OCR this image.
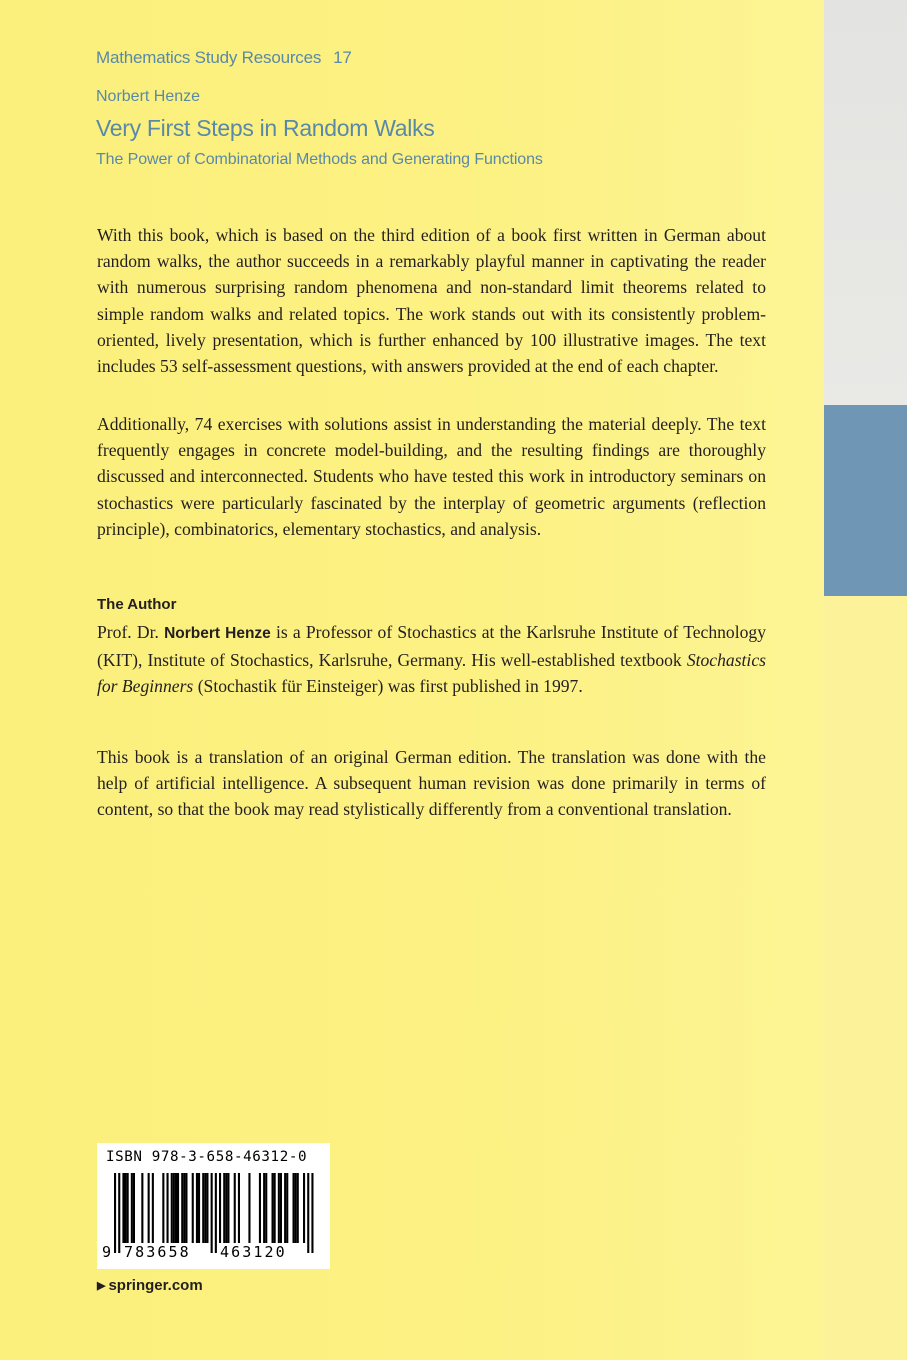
Mathematics Study Resources 17
Norbert Henze
Very First Steps in Random Walks
The Power of Combinatorial Methods and Generating Functions

With this book, which is based on the third edition of a book first written in German about random walks, the author succeeds in a remarkably playful manner in captivating the reader with numerous surprising random phenomena and non-standard limit theorems related to simple random walks and related topics. The work stands out with its consistently problem-oriented, lively presentation, which is further enhanced by 100 illustrative images. The text includes 53 self-assessment questions, with answers provided at the end of each chapter.

Additionally, 74 exercises with solutions assist in understanding the material deeply. The text frequently engages in concrete model-building, and the resulting findings are thoroughly discussed and interconnected. Students who have tested this work in introductory seminars on stochastics were particularly fascinated by the interplay of geometric arguments (reflection principle), combinatorics, elementary stochastics, and analysis.

The Author

Prof. Dr. Norbert Henze is a Professor of Stochastics at the Karlsruhe Institute of Technology (KIT), Institute of Stochastics, Karlsruhe, Germany. His well-established textbook Stochastics for Beginners (Stochastik für Einsteiger) was first published in 1997.

This book is a translation of an original German edition. The translation was done with the help of artificial intelligence. A subsequent human revision was done primarily in terms of content, so that the book may read stylistically differently from a conventional translation.

ISBN 978-3-658-46312-0
9 783658 463120
▶ springer.com
